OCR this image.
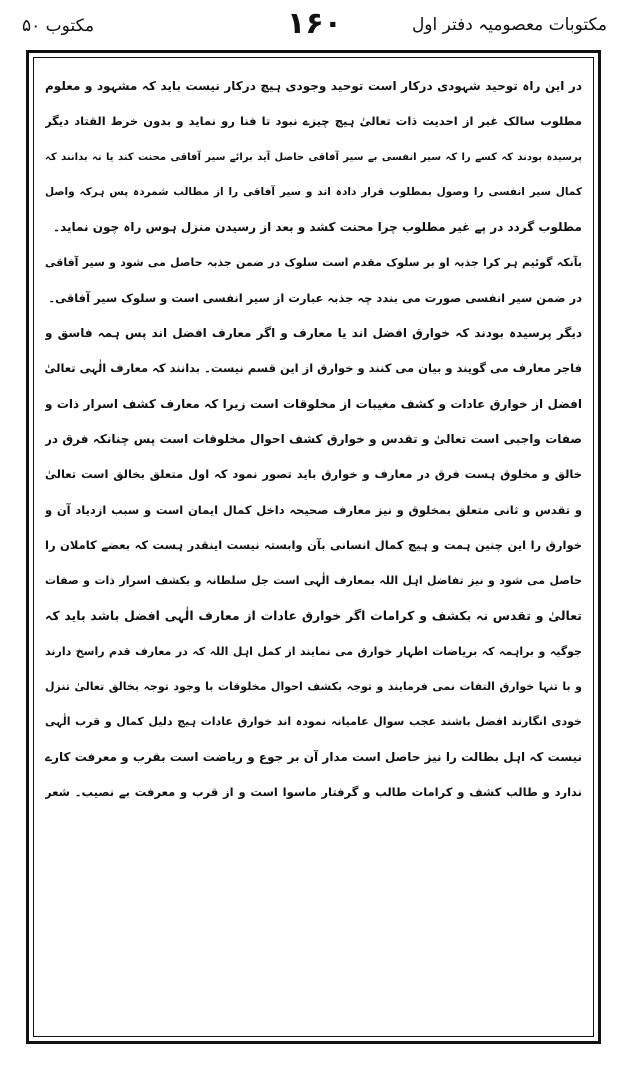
مکتوب ۵۰	۱۶۰	مکتوبات معصومیہ دفتر اول
در این راہ توحید شہودی درکار است توحید وجودی ہیچ درکار نیست باید کہ مشہود و معلوم
مطلوب سالک غیر از احدیت ذات تعالیٰ ہیچ چیزے نبود تا فنا رو نماید و بدون خرط القتاد دیگر
پرسیدہ بودند کہ کسے را کہ سیر انفسی بے سیر آفاقی حاصل آید برائے سیر آفاقی محنت کند یا نہ بدانند کہ
کمال سیر انفسی را وصول بمطلوب قرار دادہ اند و سیر آفاقی را از مطالب شمردہ پس ہرکہ واصل
مطلوب گردد در پے غیر مطلوب چرا محنت کشد و بعد از رسیدن منزل ہوس راہ چون نماید۔
بآنکہ گوئیم ہر کرا جذبہ او بر سلوک مقدم است سلوک در ضمن جذبہ حاصل می شود و سیر آفاقی
در ضمن سیر انفسی صورت می بندد چہ جذبہ عبارت از سیر انفسی است و سلوک سیر آفاقی۔
دیگر پرسیدہ بودند کہ خوارق افضل اند یا معارف و اگر معارف افضل اند پس ہمہ فاسق و
فاجر معارف می گویند و بیان می کنند و خوارق از این قسم نیست۔ بدانند کہ معارف الٰہی تعالیٰ
افضل از خوارق عادات و کشف مغیبات از مخلوقات است زیرا کہ معارف کشف اسرار ذات و
صفات واجبی است تعالیٰ و تقدس و خوارق کشف احوال مخلوقات است پس چنانکہ فرق در
خالق و مخلوق ہست فرق در معارف و خوارق باید تصور نمود کہ اول متعلق بخالق است تعالیٰ
و تقدس و ثانی متعلق بمخلوق و نیز معارف صحیحہ داخل کمال ایمان است و سبب ازدیاد آن و
خوارق را این چنین ہمت و ہیچ کمال انسانی بآن وابستہ نیست اینقدر ہست کہ بعضے کاملان را
حاصل می شود و نیز تفاضل اہل اللہ بمعارف الٰہی است جل سلطانہ و بکشف اسرار ذات و صفات
تعالیٰ و تقدس نہ بکشف و کرامات اگر خوارق عادات از معارف الٰہی افضل باشد باید کہ
جوگیہ و براہمہ کہ بریاضات اظہار خوارق می نمایند از کمل اہل اللہ کہ در معارف قدم راسخ دارند
و با تنہا خوارق التفات نمی فرمایند و توجہ بکشف احوال مخلوقات با وجود توجہ بخالق تعالیٰ تنزل
خودی انگارند افضل باشند عجب سوال عامیانہ نمودہ اند خوارق عادات ہیچ دلیل کمال و قرب الٰہی
نیست کہ اہل بطالت را نیز حاصل است مدار آن بر جوع و ریاضت است بقرب و معرفت کارے
ندارد و طالب کشف و کرامات طالب و گرفتار ماسوا است و از قرب و معرفت بے نصیب۔ شعر
